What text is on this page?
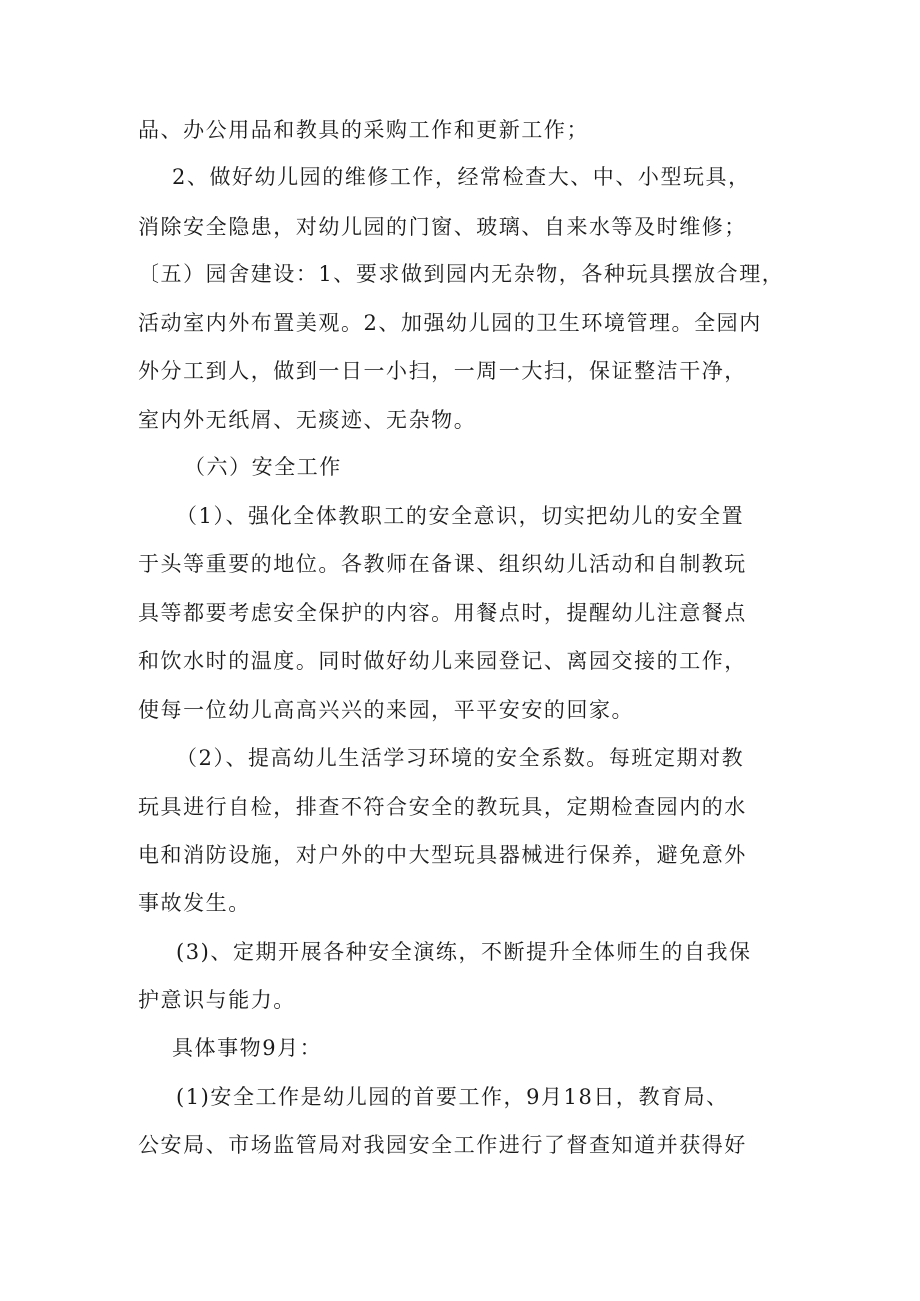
品、办公用品和教具的采购工作和更新工作；
2、做好幼儿园的维修工作，经常检查大、中、小型玩具，
消除安全隐患，对幼儿园的门窗、玻璃、自来水等及时维修；
〔五）园舍建设：1、要求做到园内无杂物，各种玩具摆放合理，
活动室内外布置美观。2、加强幼儿园的卫生环境管理。全园内
外分工到人，做到一日一小扫，一周一大扫，保证整洁干净，
室内外无纸屑、无痰迹、无杂物。
（六）安全工作
（1）、强化全体教职工的安全意识，切实把幼儿的安全置
于头等重要的地位。各教师在备课、组织幼儿活动和自制教玩
具等都要考虑安全保护的内容。用餐点时，提醒幼儿注意餐点
和饮水时的温度。同时做好幼儿来园登记、离园交接的工作，
使每一位幼儿高高兴兴的来园，平平安安的回家。
（2）、提高幼儿生活学习环境的安全系数。每班定期对教
玩具进行自检，排查不符合安全的教玩具，定期检查园内的水
电和消防设施，对户外的中大型玩具器械进行保养，避免意外
事故发生。
(3)、定期开展各种安全演练，不断提升全体师生的自我保
护意识与能力。
具体事物9月：
(1)安全工作是幼儿园的首要工作，9月18日，教育局、
公安局、市场监管局对我园安全工作进行了督查知道并获得好
